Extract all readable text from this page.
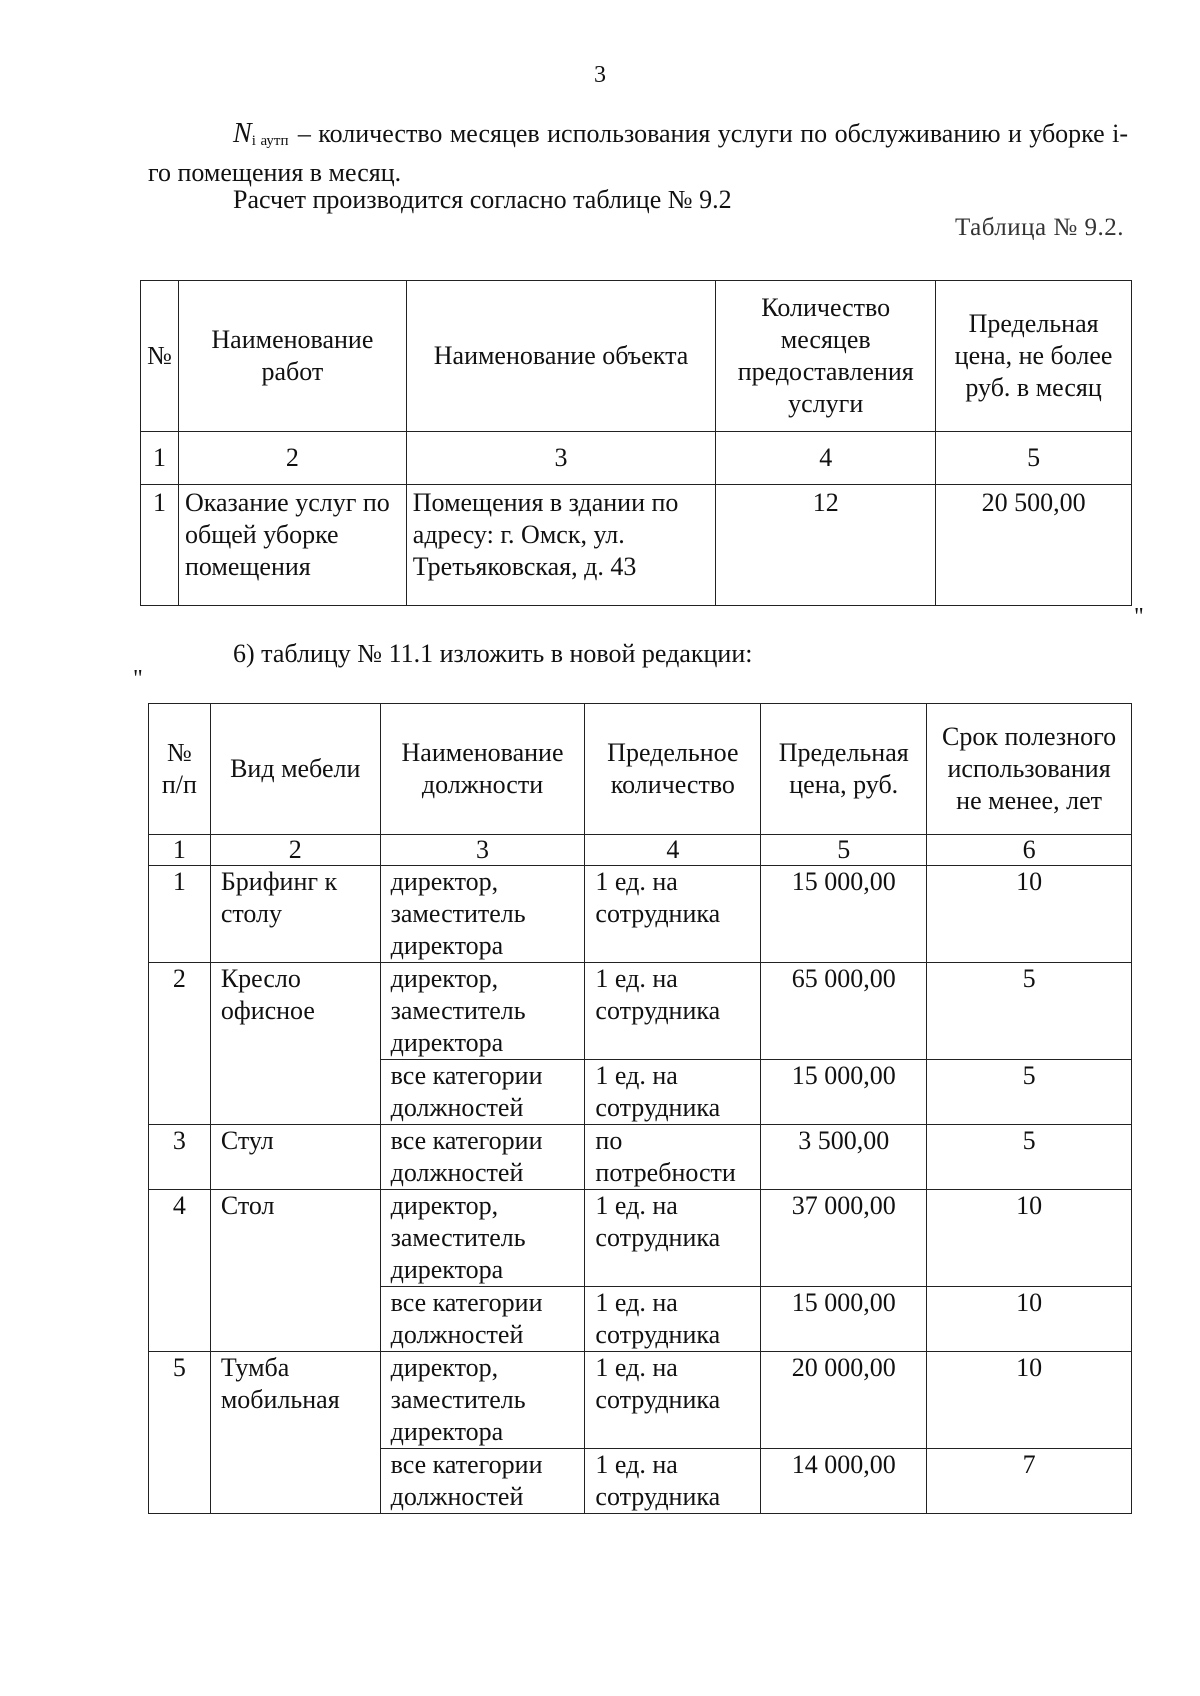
3
Ni аутп – количество месяцев использования услуги по обслуживанию и уборке i-го помещения в месяц.
Расчет производится согласно таблице № 9.2
Таблица № 9.2.
№	Наименование работ	Наименование объекта	Количество месяцев предоставления услуги	Предельная цена, не более руб. в месяц
1	2	3	4	5
1	Оказание услуг по общей уборке помещения	Помещения в здании по адресу: г. Омск, ул. Третьяковская, д. 43	12	20 500,00
"
6) таблицу № 11.1 изложить в новой редакции:
"
№ п/п	Вид мебели	Наименование должности	Предельное количество	Предельная цена, руб.	Срок полезного использования не менее, лет
1	2	3	4	5	6
1	Брифинг к столу	директор, заместитель директора	1 ед. на сотрудника	15 000,00	10
2	Кресло офисное	директор, заместитель директора	1 ед. на сотрудника	65 000,00	5
		все категории должностей	1 ед. на сотрудника	15 000,00	5
3	Стул	все категории должностей	по потребности	3 500,00	5
4	Стол	директор, заместитель директора	1 ед. на сотрудника	37 000,00	10
		все категории должностей	1 ед. на сотрудника	15 000,00	10
5	Тумба мобильная	директор, заместитель директора	1 ед. на сотрудника	20 000,00	10
		все категории должностей	1 ед. на сотрудника	14 000,00	7
